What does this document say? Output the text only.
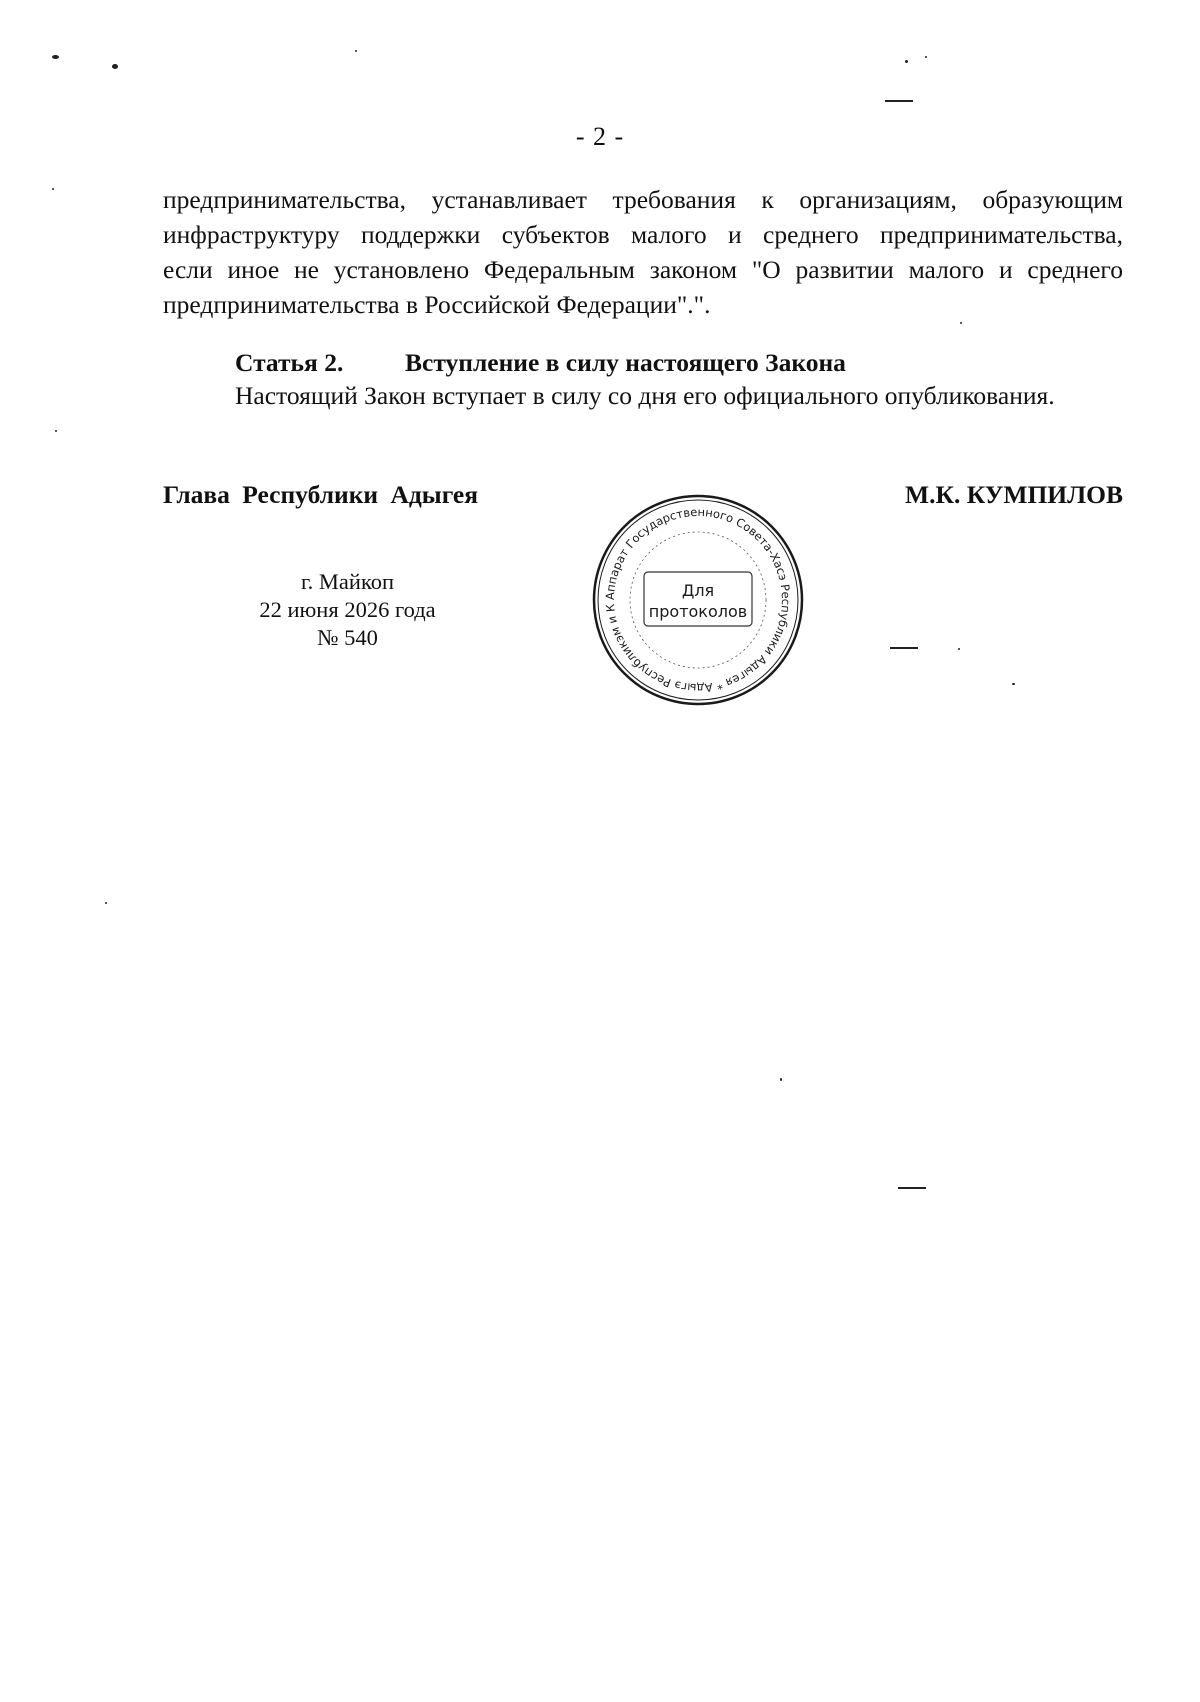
- 2 -

предпринимательства, устанавливает требования к организациям, образующим
инфраструктуру поддержки субъектов малого и среднего предпринимательства,
если иное не установлено Федеральным законом "О развитии малого и среднего
предпринимательства в Российской Федерации".".

Статья 2. Вступление в силу настоящего Закона

Настоящий Закон вступает в силу со дня его официального опубликования.

Глава Республики Адыгея	М.К. КУМПИЛОВ
г. Майкоп
22 июня 2026 года
№ 540
Аппарат Государственного Совета-Хасэ Республики Адыгея * Адыгэ Республикэм и К
Для
протоколов
